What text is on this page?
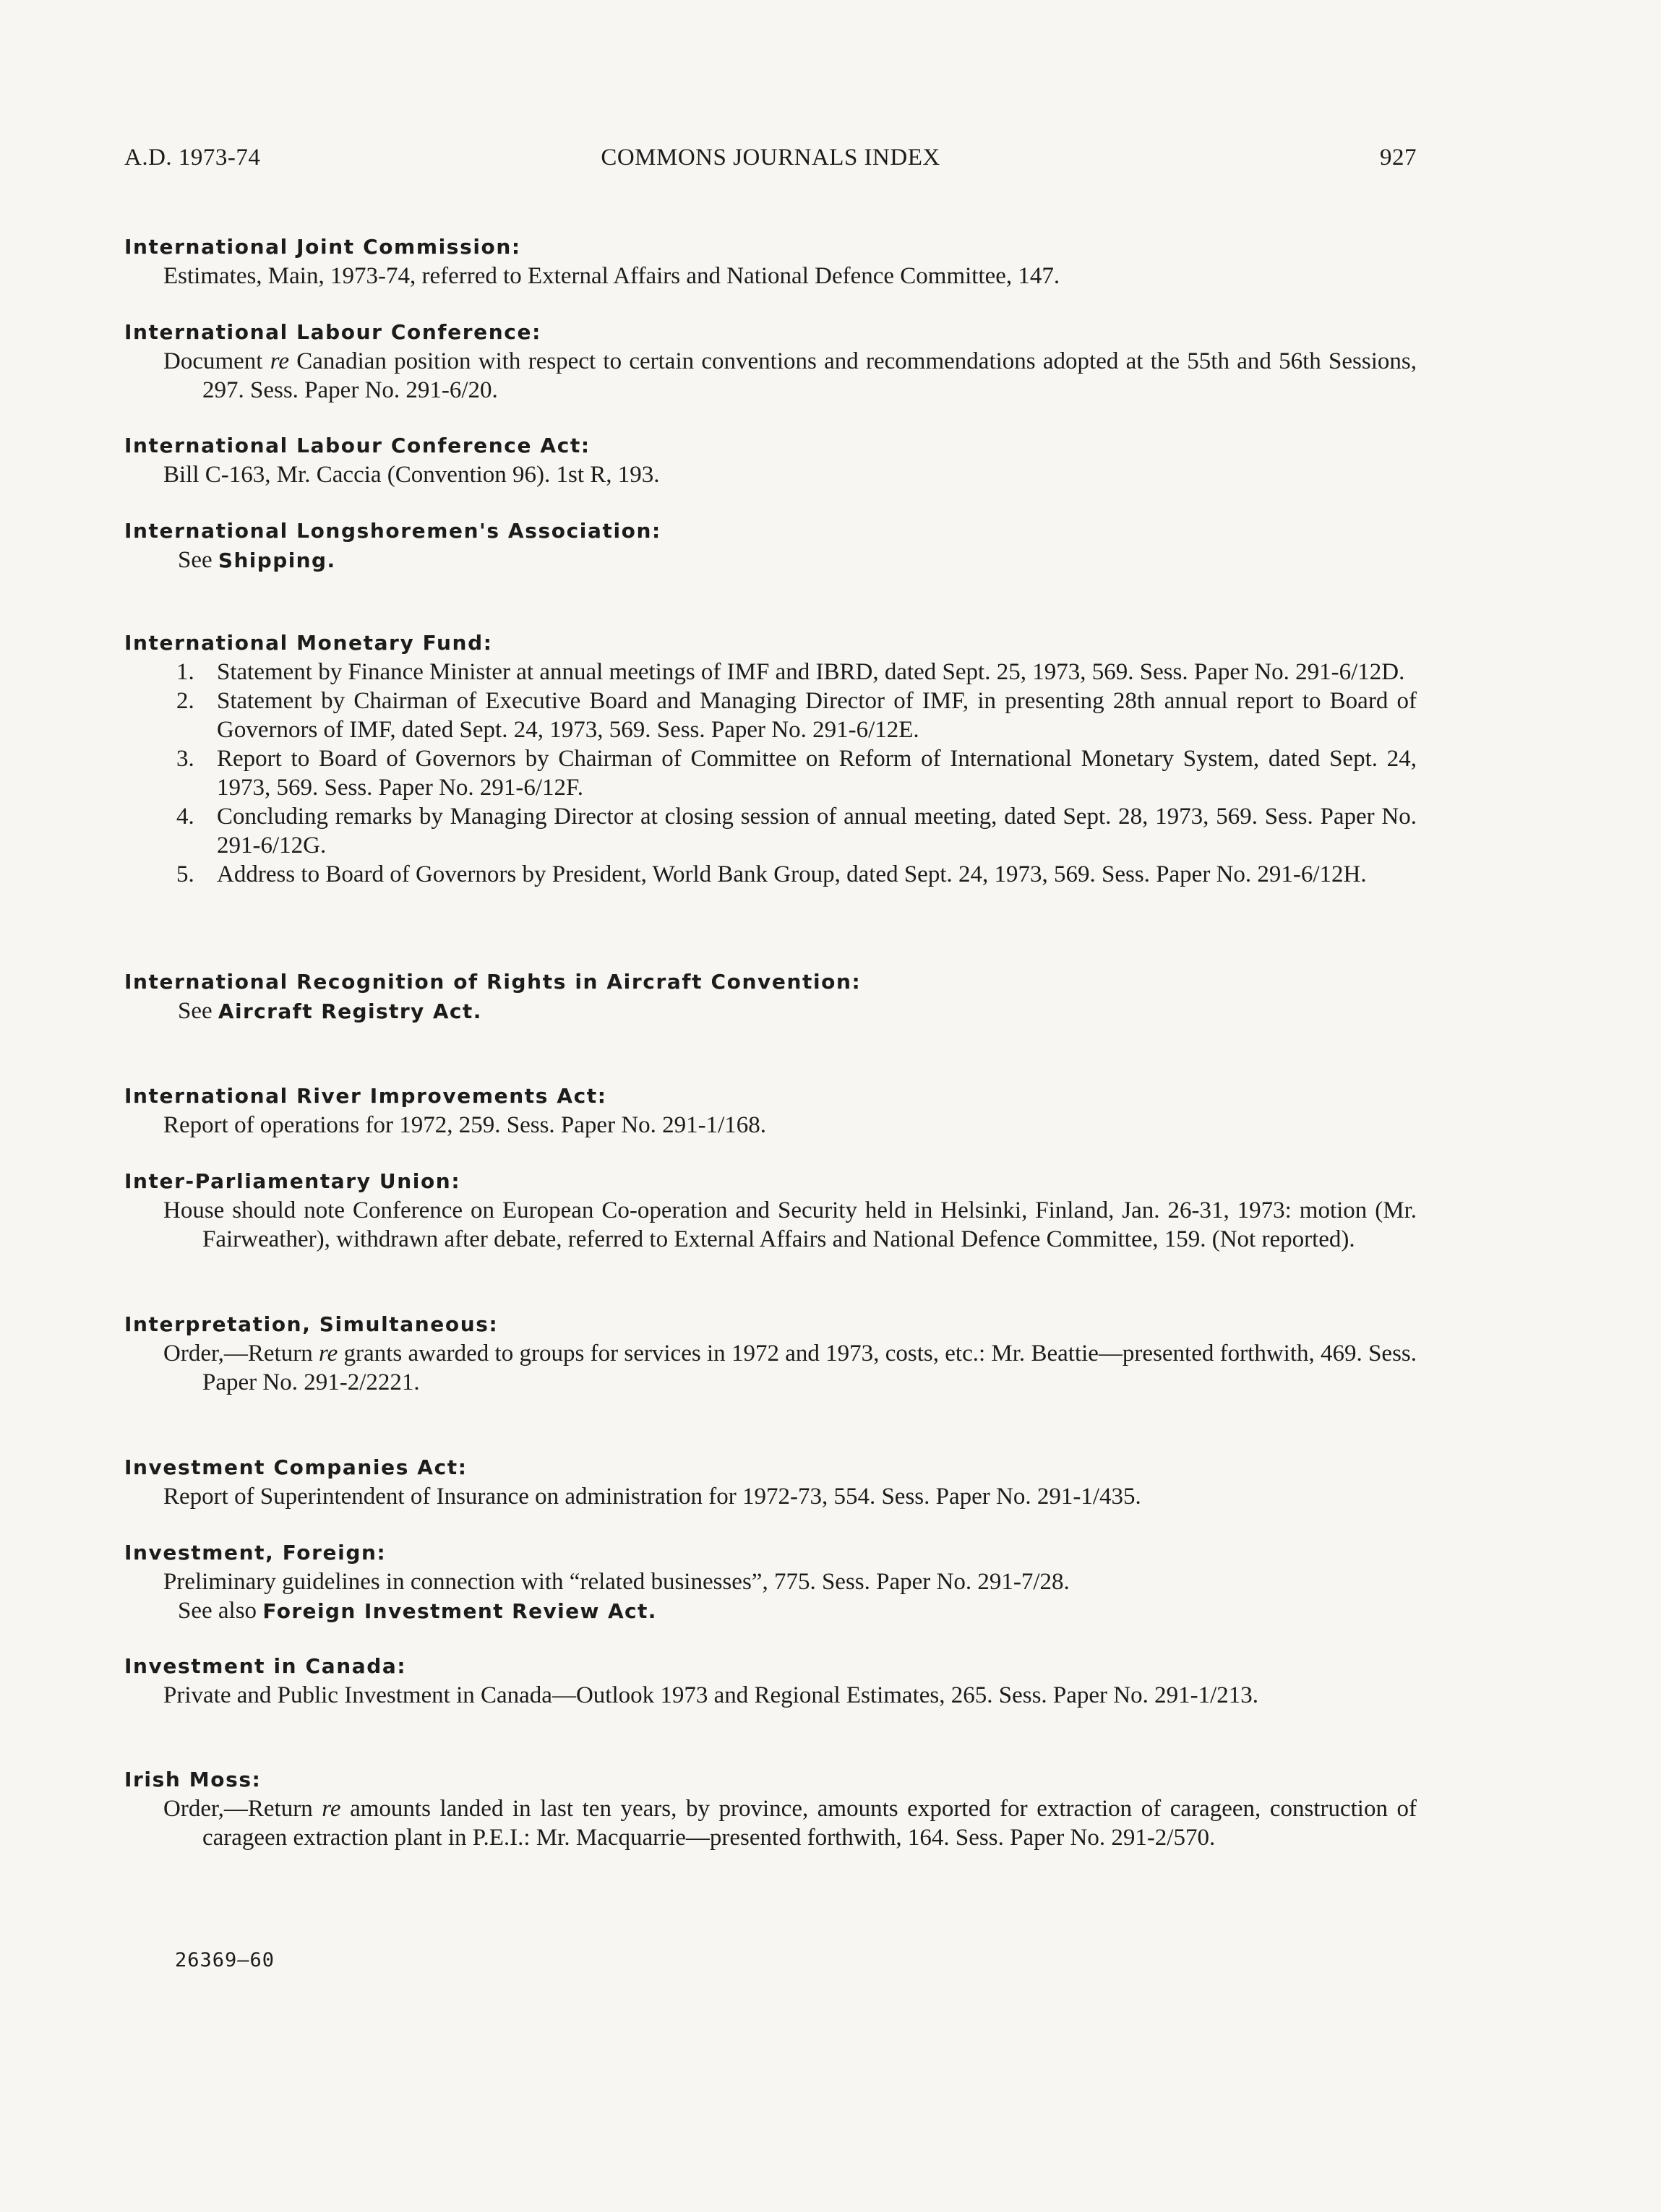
A.D. 1973-74	COMMONS JOURNALS INDEX	927
International Joint Commission:
Estimates, Main, 1973-74, referred to External Affairs and National Defence Committee, 147.
International Labour Conference:
Document re Canadian position with respect to certain conventions and recommendations adopted at the 55th and 56th Sessions, 297. Sess. Paper No. 291-6/20.
International Labour Conference Act:
Bill C-163, Mr. Caccia (Convention 96). 1st R, 193.
International Longshoremen's Association:
See Shipping.
International Monetary Fund:
1. Statement by Finance Minister at annual meetings of IMF and IBRD, dated Sept. 25, 1973, 569. Sess. Paper No. 291-6/12D.
2. Statement by Chairman of Executive Board and Managing Director of IMF, in presenting 28th annual report to Board of Governors of IMF, dated Sept. 24, 1973, 569. Sess. Paper No. 291-6/12E.
3. Report to Board of Governors by Chairman of Committee on Reform of International Monetary System, dated Sept. 24, 1973, 569. Sess. Paper No. 291-6/12F.
4. Concluding remarks by Managing Director at closing session of annual meeting, dated Sept. 28, 1973, 569. Sess. Paper No. 291-6/12G.
5. Address to Board of Governors by President, World Bank Group, dated Sept. 24, 1973, 569. Sess. Paper No. 291-6/12H.
International Recognition of Rights in Aircraft Convention:
See Aircraft Registry Act.
International River Improvements Act:
Report of operations for 1972, 259. Sess. Paper No. 291-1/168.
Inter-Parliamentary Union:
House should note Conference on European Co-operation and Security held in Helsinki, Finland, Jan. 26-31, 1973: motion (Mr. Fairweather), withdrawn after debate, referred to External Affairs and National Defence Committee, 159. (Not reported).
Interpretation, Simultaneous:
Order,—Return re grants awarded to groups for services in 1972 and 1973, costs, etc.: Mr. Beattie—presented forthwith, 469. Sess. Paper No. 291-2/2221.
Investment Companies Act:
Report of Superintendent of Insurance on administration for 1972-73, 554. Sess. Paper No. 291-1/435.
Investment, Foreign:
Preliminary guidelines in connection with “related businesses”, 775. Sess. Paper No. 291-7/28.
See also Foreign Investment Review Act.
Investment in Canada:
Private and Public Investment in Canada—Outlook 1973 and Regional Estimates, 265. Sess. Paper No. 291-1/213.
Irish Moss:
Order,—Return re amounts landed in last ten years, by province, amounts exported for extraction of carageen, construction of carageen extraction plant in P.E.I.: Mr. Macquarrie—presented forthwith, 164. Sess. Paper No. 291-2/570.
26369—60
